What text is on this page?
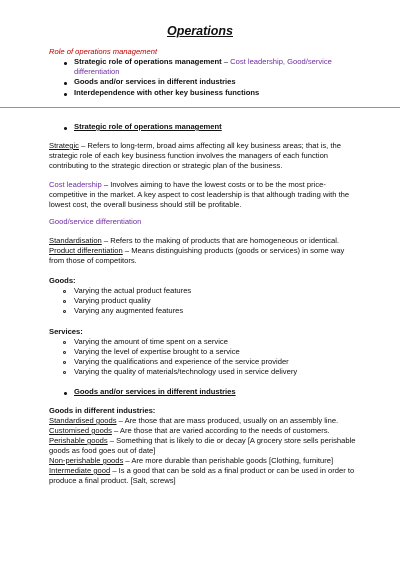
Operations
Role of operations management
Strategic role of operations management – Cost leadership, Good/service
differentiation
Goods and/or services in different industries
Interdependence with other key business functions
Strategic role of operations management
Strategic – Refers to long-term, broad aims affecting all key business areas; that is, the
strategic role of each key business function involves the managers of each function
contributing to the strategic direction or strategic plan of the business.
Cost leadership – Involves aiming to have the lowest costs or to be the most price-
competitive in the market. A key aspect to cost leadership is that although trading with the
lowest cost, the overall business should still be profitable.
Good/service differentiation
Standardisation – Refers to the making of products that are homogeneous or identical.
Product differentiation – Means distinguishing products (goods or services) in some way
from those of competitors.
Goods:
Varying the actual product features
Varying product quality
Varying any augmented features
Services:
Varying the amount of time spent on a service
Varying the level of expertise brought to a service
Varying the qualifications and experience of the service provider
Varying the quality of materials/technology used in service delivery
Goods and/or services in different industries
Goods in different industries:
Standardised goods – Are those that are mass produced, usually on an assembly line.
Customised goods – Are those that are varied according to the needs of customers.
Perishable goods – Something that is likely to die or decay [A grocery store sells perishable
goods as food goes out of date]
Non-perishable goods – Are more durable than perishable goods [Clothing, furniture]
Intermediate good – Is a good that can be sold as a final product or can be used in order to
produce a final product. [Salt, screws]
